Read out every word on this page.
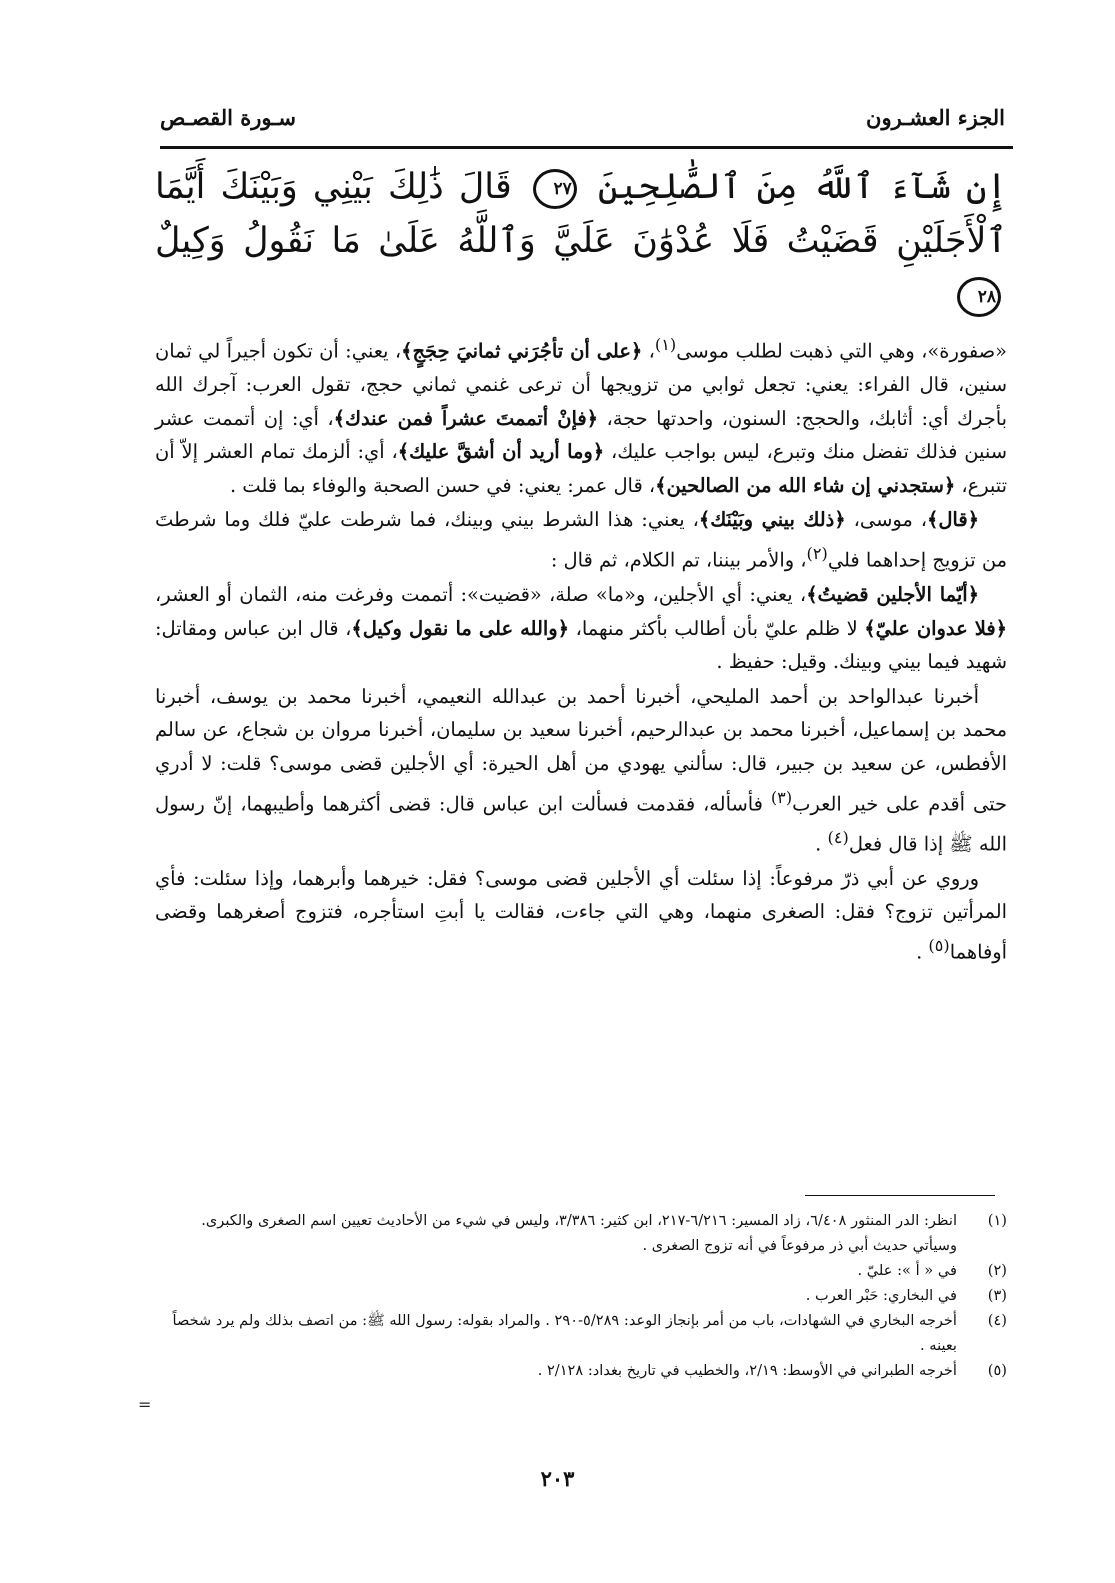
الجزء العشـرون
سـورة القصـص
إِن شَآءَ ٱللَّهُ مِنَ ٱلصَّٰلِحِينَ ٢٧ قَالَ ذَٰلِكَ بَيْنِي وَبَيْنَكَ أَيَّمَا ٱلْأَجَلَيْنِ قَضَيْتُ فَلَا عُدْوَٰنَ عَلَيَّ وَٱللَّهُ عَلَىٰ مَا نَقُولُ وَكِيلٌ ٢٨

«صفورة»، وهي التي ذهبت لطلب موسى$^{(١)}$، ﴿على أن تأجُرَني ثمانيَ حِجَجٍ﴾، يعني: أن تكون أجيراً لي ثمان سنين، قال الفراء: يعني: تجعل ثوابي من تزويجها أن ترعى غنمي ثماني حجج، تقول العرب: آجرك الله بأجرك أي: أثابك، والحجج: السنون، واحدتها حجة، ﴿فإنْ أتممتَ عشراً فمن عندك﴾، أي: إن أتممت عشر سنين فذلك تفضل منك وتبرع، ليس بواجب عليك، ﴿وما أريد أن أشقَّ عليك﴾، أي: ألزمك تمام العشر إلاّ أن تتبرع، ﴿ستجدني إن شاء الله من الصالحين﴾، قال عمر: يعني: في حسن الصحبة والوفاء بما قلت .

﴿قال﴾، موسى، ﴿ذلك بيني وبَيْنَك﴾، يعني: هذا الشرط بيني وبينك، فما شرطت عليّ فلك وما شرطتَ من تزويج إحداهما فلي$^{(٢)}$، والأمر بيننا، تم الكلام، ثم قال :

﴿أيّما الأجلين قضيتُ﴾، يعني: أي الأجلين، و«ما» صلة، «قضيت»: أتممت وفرغت منه، الثمان أو العشر، ﴿فلا عدوان عليّ﴾ لا ظلم عليّ بأن أطالب بأكثر منهما، ﴿والله على ما نقول وكيل﴾، قال ابن عباس ومقاتل: شهيد فيما بيني وبينك. وقيل: حفيظ .

أخبرنا عبدالواحد بن أحمد المليحي، أخبرنا أحمد بن عبدالله النعيمي، أخبرنا محمد بن يوسف، أخبرنا محمد بن إسماعيل، أخبرنا محمد بن عبدالرحيم، أخبرنا سعيد بن سليمان، أخبرنا مروان بن شجاع، عن سالم الأفطس، عن سعيد بن جبير، قال: سألني يهودي من أهل الحيرة: أي الأجلين قضى موسى؟ قلت: لا أدري حتى أقدم على خير العرب$^{(٣)}$ فأسأله، فقدمت فسألت ابن عباس قال: قضى أكثرهما وأطيبهما، إنّ رسول الله ﷺ إذا قال فعل$^{(٤)}$ .

وروي عن أبي ذرّ مرفوعاً: إذا سئلت أي الأجلين قضى موسى؟ فقل: خيرهما وأبرهما، وإذا سئلت: فأي المرأتين تزوج؟ فقل: الصغرى منهما، وهي التي جاءت، فقالت يا أبتِ استأجره، فتزوج أصغرهما وقضى أوفاهما$^{(٥)}$ .

(١)
انظر: الدر المنثور ٦/٤٠٨، زاد المسير: ٦/٢١٦-٢١٧، ابن كثير: ٣/٣٨٦، وليس في شيء من الأحاديث تعيين اسم الصغرى والكبرى. وسيأتي حديث أبي ذر مرفوعاً في أنه تزوج الصغرى .
(٢)
في « أ »: عليّ .
(٣)
في البخاري: حَبْر العرب .
(٤)
أخرجه البخاري في الشهادات، باب من أمر بإنجاز الوعد: ٥/٢٨٩-٢٩٠ . والمراد بقوله: رسول الله ﷺ: من اتصف بذلك ولم يرد شخصاً بعينه .
(٥)
أخرجه الطبراني في الأوسط: ٢/١٩، والخطيب في تاريخ بغداد: ٢/١٢٨ .
=
٢٠٣
